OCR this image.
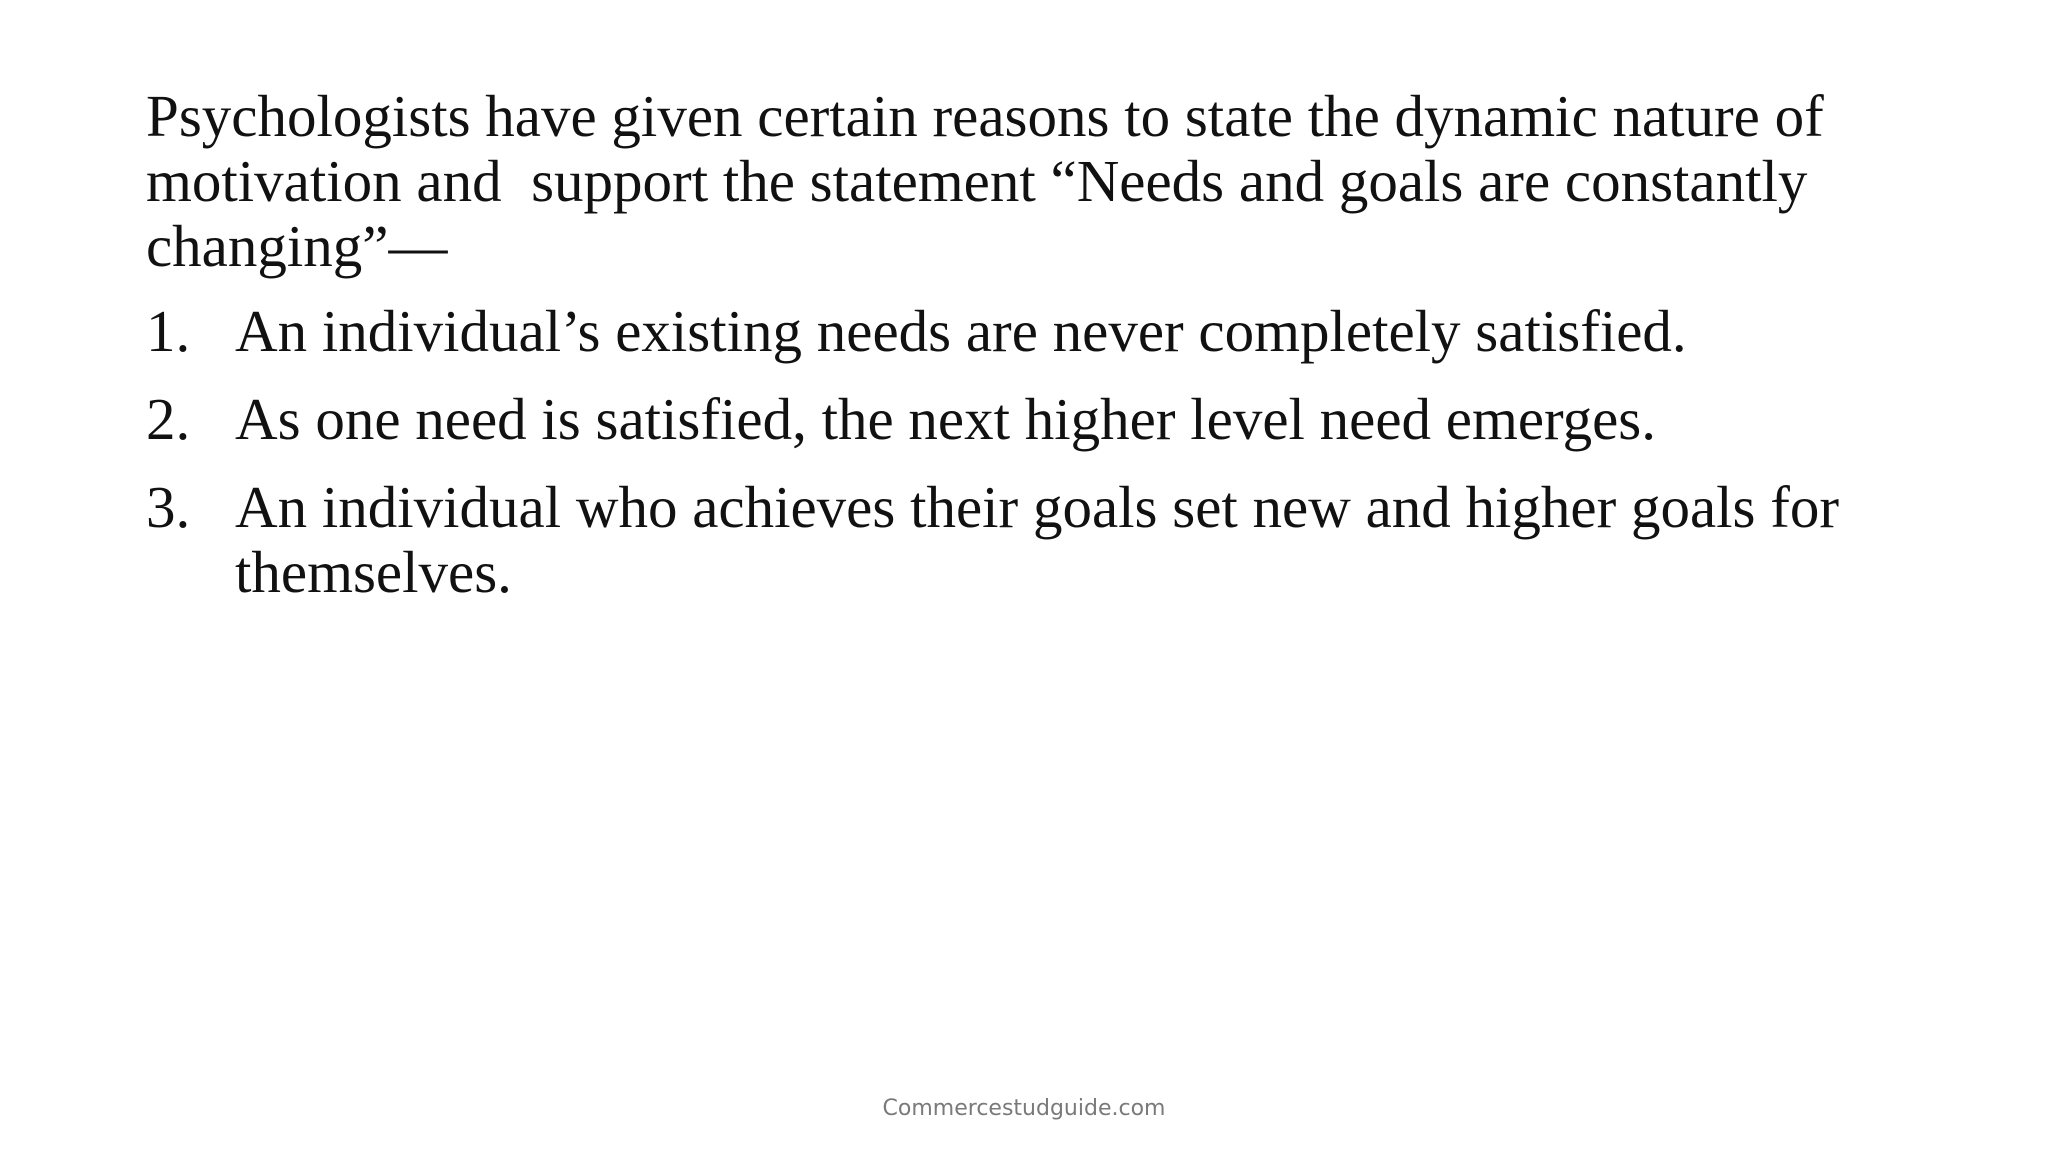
Psychologists have given certain reasons to state the dynamic nature of motivation and  support the statement “Needs and goals are constantly changing”—

1. An individual’s existing needs are never completely satisfied.
2. As one need is satisfied, the next higher level need emerges.
3. An individual who achieves their goals set new and higher goals for themselves.
Commercestudguide.com
